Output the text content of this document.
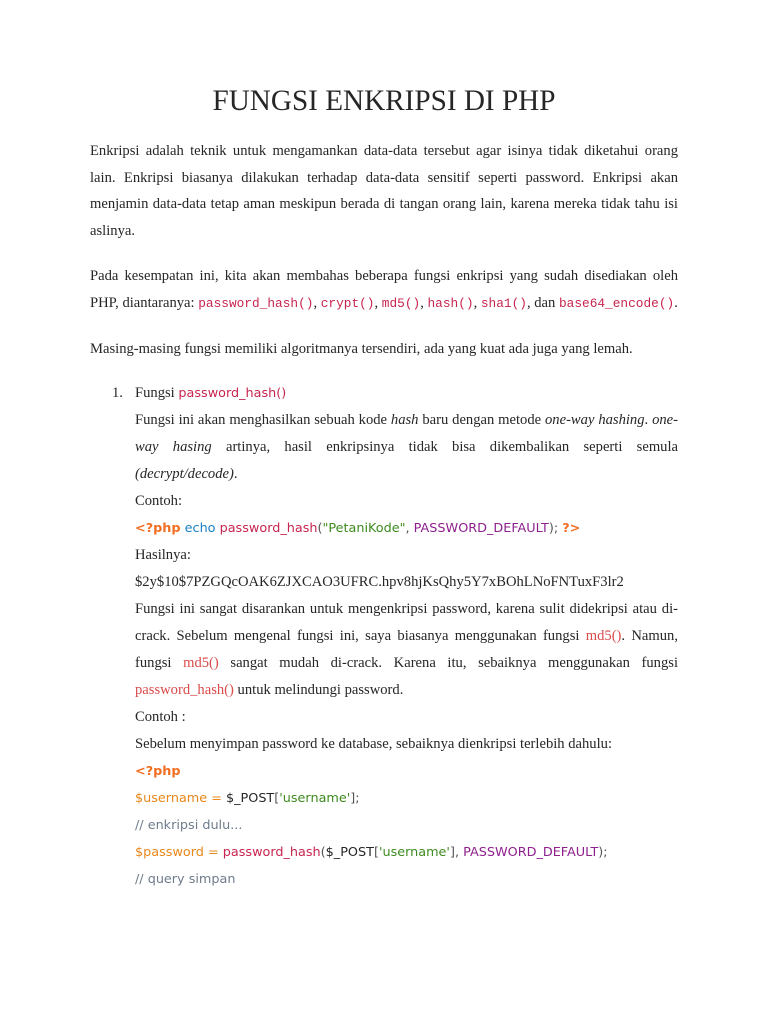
FUNGSI ENKRIPSI DI PHP

Enkripsi adalah teknik untuk mengamankan data-data tersebut agar isinya tidak diketahui orang lain. Enkripsi biasanya dilakukan terhadap data-data sensitif seperti password. Enkripsi akan menjamin data-data tetap aman meskipun berada di tangan orang lain, karena mereka tidak tahu isi aslinya.

Pada kesempatan ini, kita akan membahas beberapa fungsi enkripsi yang sudah disediakan oleh PHP, diantaranya: password_hash(), crypt(), md5(), hash(), sha1(), dan base64_encode().

Masing-masing fungsi memiliki algoritmanya tersendiri, ada yang kuat ada juga yang lemah.

1. Fungsi password_hash()

Fungsi ini akan menghasilkan sebuah kode hash baru dengan metode one-way hashing. one-way hasing artinya, hasil enkripsinya tidak bisa dikembalikan seperti semula (decrypt/decode).

Contoh:

<?php echo password_hash("PetaniKode", PASSWORD_DEFAULT); ?>

Hasilnya:

$2y$10$7PZGQcOAK6ZJXCAO3UFRC.hpv8hjKsQhy5Y7xBOhLNoFNTuxF3lr2

Fungsi ini sangat disarankan untuk mengenkripsi password, karena sulit didekripsi atau di-crack. Sebelum mengenal fungsi ini, saya biasanya menggunakan fungsi md5(). Namun, fungsi md5() sangat mudah di-crack. Karena itu, sebaiknya menggunakan fungsi password_hash() untuk melindungi password.

Contoh :

Sebelum menyimpan password ke database, sebaiknya dienkripsi terlebih dahulu:

<?php

$username = $_POST['username'];

// enkripsi dulu...

$password = password_hash($_POST['username'], PASSWORD_DEFAULT);

// query simpan
